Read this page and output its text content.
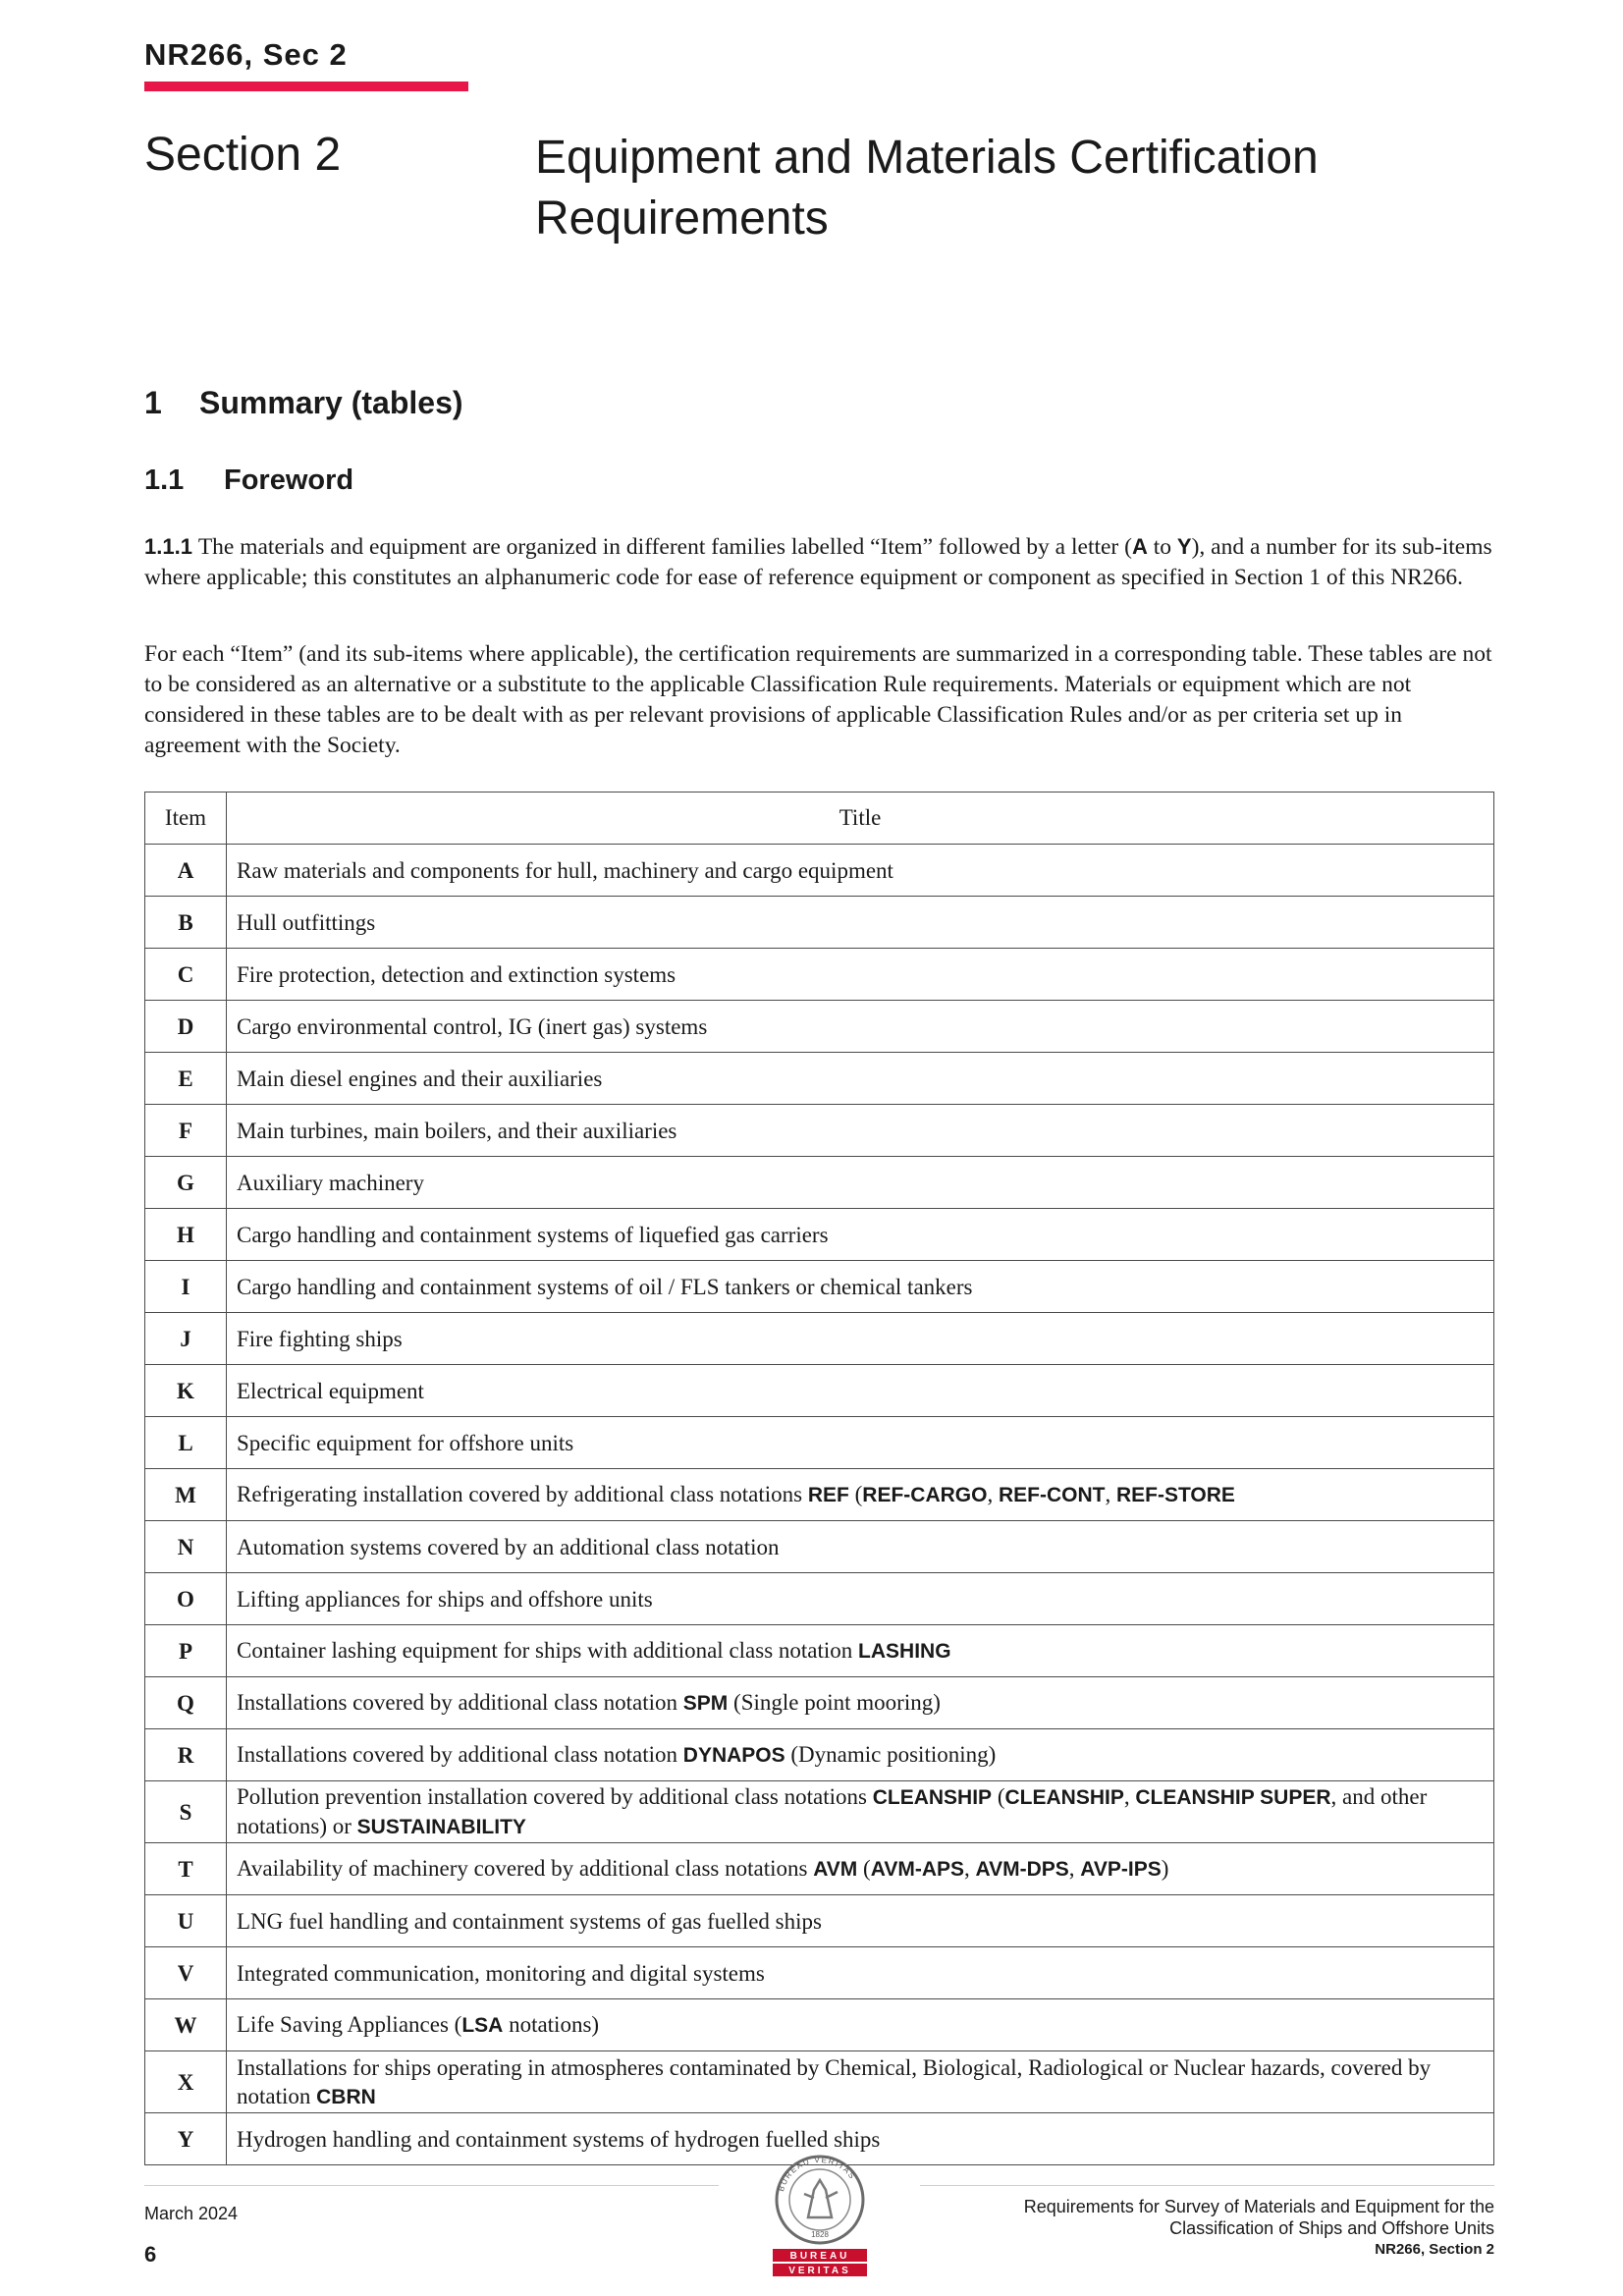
NR266, Sec 2
Section 2	Equipment and Materials Certification Requirements
1 Summary (tables)
1.1 Foreword

1.1.1 The materials and equipment are organized in different families labelled “Item” followed by a letter (A to Y), and a number for its sub-items where applicable; this constitutes an alphanumeric code for ease of reference equipment or component as specified in Section 1 of this NR266.

For each “Item” (and its sub-items where applicable), the certification requirements are summarized in a corresponding table. These tables are not to be considered as an alternative or a substitute to the applicable Classification Rule requirements. Materials or equipment which are not considered in these tables are to be dealt with as per relevant provisions of applicable Classification Rules and/or as per criteria set up in agreement with the Society.

Item	Title
A	Raw materials and components for hull, machinery and cargo equipment
B	Hull outfittings
C	Fire protection, detection and extinction systems
D	Cargo environmental control, IG (inert gas) systems
E	Main diesel engines and their auxiliaries
F	Main turbines, main boilers, and their auxiliaries
G	Auxiliary machinery
H	Cargo handling and containment systems of liquefied gas carriers
I	Cargo handling and containment systems of oil / FLS tankers or chemical tankers
J	Fire fighting ships
K	Electrical equipment
L	Specific equipment for offshore units
M	Refrigerating installation covered by additional class notations REF (REF-CARGO, REF-CONT, REF-STORE
N	Automation systems covered by an additional class notation
O	Lifting appliances for ships and offshore units
P	Container lashing equipment for ships with additional class notation LASHING
Q	Installations covered by additional class notation SPM (Single point mooring)
R	Installations covered by additional class notation DYNAPOS (Dynamic positioning)
S	Pollution prevention installation covered by additional class notations CLEANSHIP (CLEANSHIP, CLEANSHIP SUPER, and other notations) or SUSTAINABILITY
T	Availability of machinery covered by additional class notations AVM (AVM-APS, AVM-DPS, AVP-IPS)
U	LNG fuel handling and containment systems of gas fuelled ships
V	Integrated communication, monitoring and digital systems
W	Life Saving Appliances (LSA notations)
X	Installations for ships operating in atmospheres contaminated by Chemical, Biological, Radiological or Nuclear hazards, covered by notation CBRN
Y	Hydrogen handling and containment systems of hydrogen fuelled ships
March 2024
6
BUREAU VERITAS
1828
BUREAU
VERITAS
Requirements for Survey of Materials and Equipment for the
Classification of Ships and Offshore Units
NR266, Section 2
